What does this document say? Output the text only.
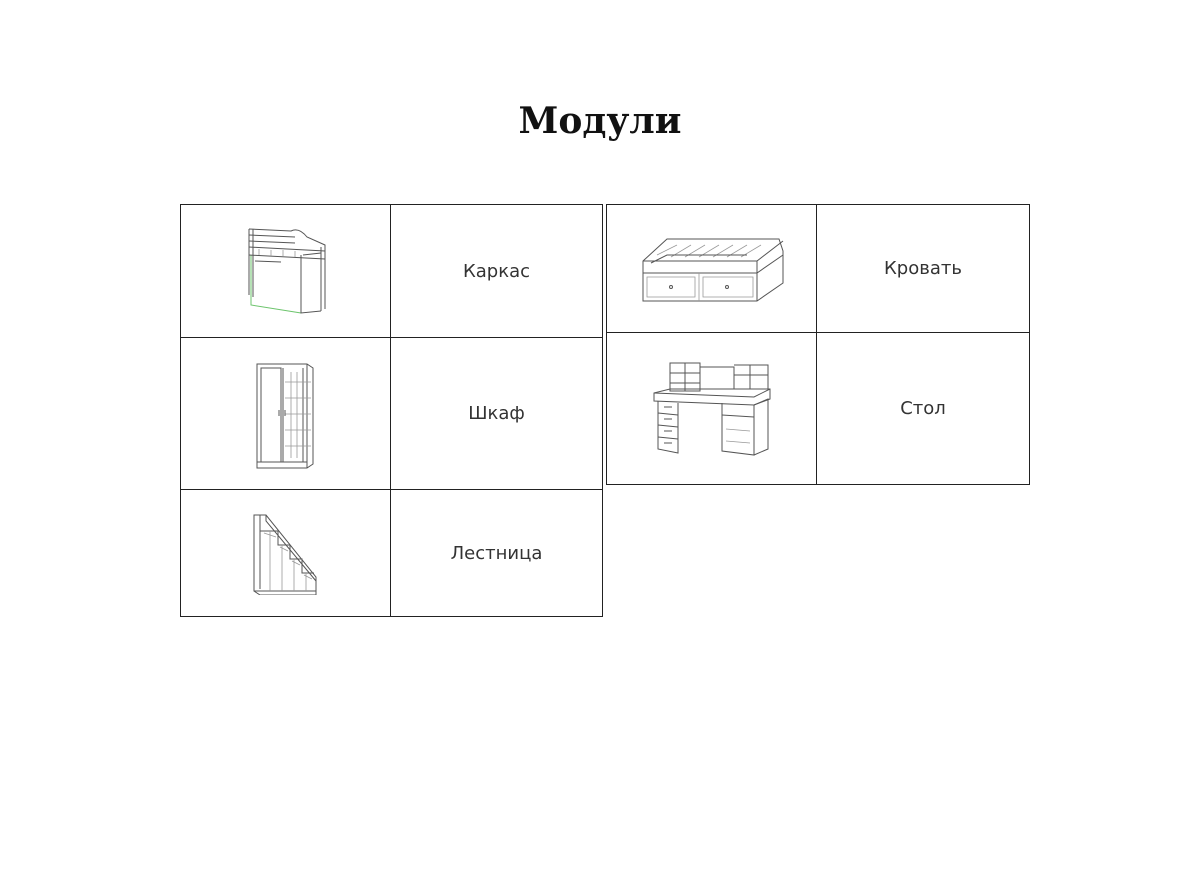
Модули
	Каркас

	Шкаф

	Лестница
	Кровать

	Стол
